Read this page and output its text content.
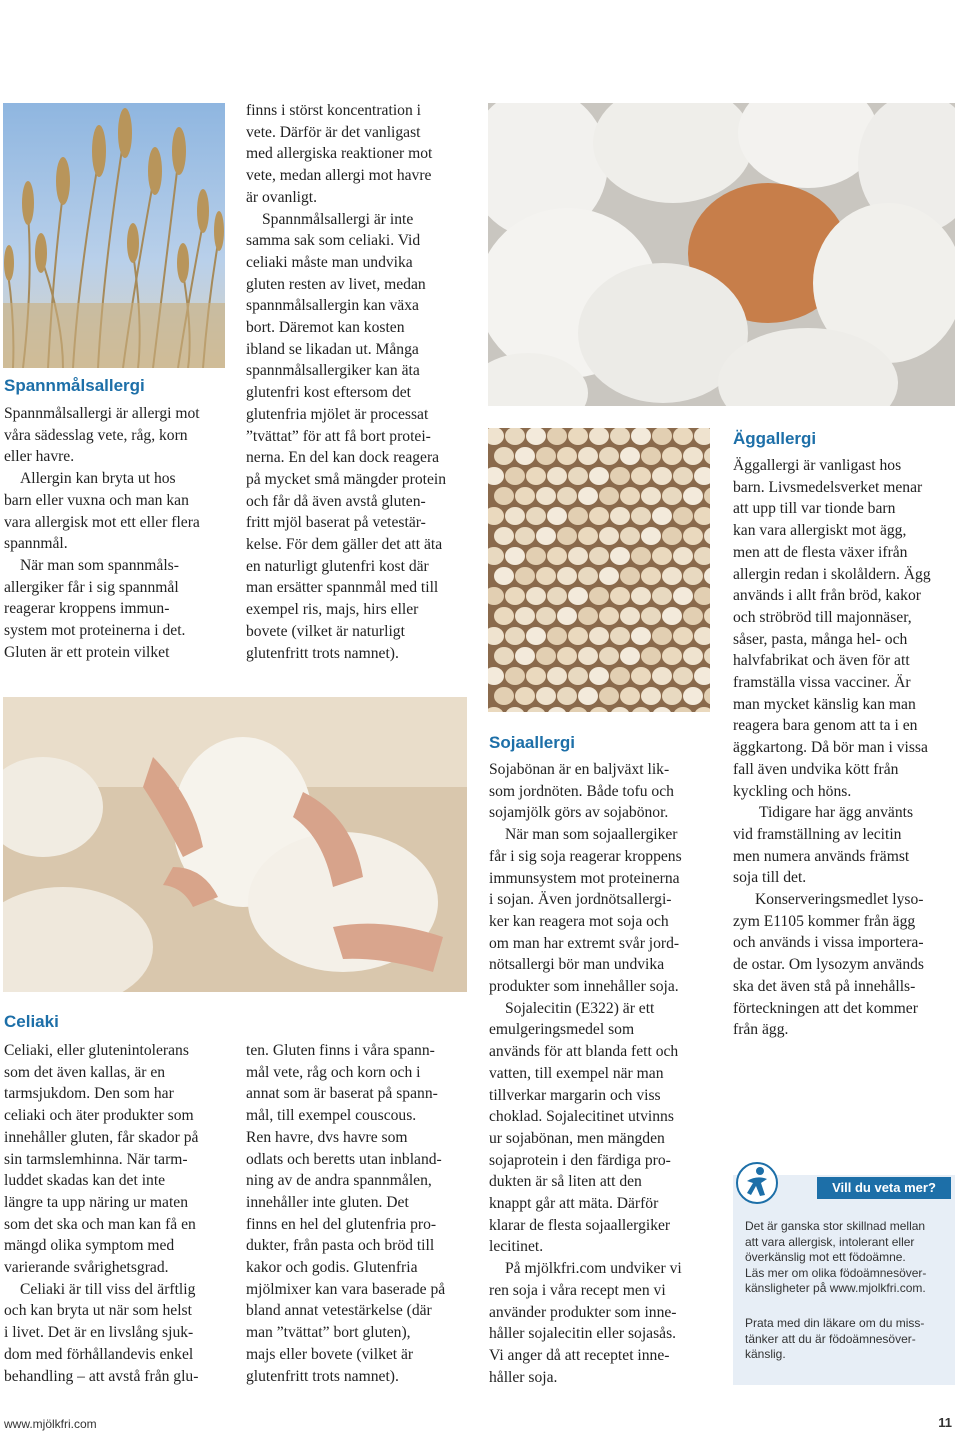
Spannmålsallergi

Spannmålsallergi är allergi mot

våra sädesslag vete, råg, korn

eller havre.

Allergin kan bryta ut hos

barn eller vuxna och man kan

vara allergisk mot ett eller flera

spannmål.

När man som spannmåls-

allergiker får i sig spannmål

reagerar kroppens immun-

system mot proteinerna i det.

Gluten är ett protein vilket

finns i störst koncentration i

vete. Därför är det vanligast

med allergiska reaktioner mot

vete, medan allergi mot havre

är ovanligt.

Spannmålsallergi är inte

samma sak som celiaki. Vid

celiaki måste man undvika

gluten resten av livet, medan

spannmålsallergin kan växa

bort. Däremot kan kosten

ibland se likadan ut. Många

spannmålsallergiker kan äta

glutenfri kost eftersom det

glutenfria mjölet är processat

”tvättat” för att få bort protei-

nerna. En del kan dock reagera

på mycket små mängder protein

och får då även avstå gluten-

fritt mjöl baserat på vetestär-

kelse. För dem gäller det att äta

en naturligt glutenfri kost där

man ersätter spannmål med till

exempel ris, majs, hirs eller

bovete (vilket är naturligt

glutenfritt trots namnet).

Celiaki

Celiaki, eller glutenintolerans

som det även kallas, är en

tarmsjukdom. Den som har

celiaki och äter produkter som

innehåller gluten, får skador på

sin tarmslemhinna. När tarm-

luddet skadas kan det inte

längre ta upp näring ur maten

som det ska och man kan få en

mängd olika symptom med

varierande svårighetsgrad.

Celiaki är till viss del ärftlig

och kan bryta ut när som helst

i livet. Det är en livslång sjuk-

dom med förhållandevis enkel

behandling – att avstå från glu-

ten. Gluten finns i våra spann-

mål vete, råg och korn och i

annat som är baserat på spann-

mål, till exempel couscous.

Ren havre, dvs havre som

odlats och beretts utan inbland-

ning av de andra spannmålen,

innehåller inte gluten. Det

finns en hel del glutenfria pro-

dukter, från pasta och bröd till

kakor och godis. Glutenfria

mjölmixer kan vara baserade på

bland annat vetestärkelse (där

man ”tvättat” bort gluten),

majs eller bovete (vilket är

glutenfritt trots namnet).

Sojaallergi

Sojabönan är en baljväxt lik-

som jordnöten. Både tofu och

sojamjölk görs av sojabönor.

När man som sojaallergiker

får i sig soja reagerar kroppens

immunsystem mot proteinerna

i sojan. Även jordnötsallergi-

ker kan reagera mot soja och

om man har extremt svår jord-

nötsallergi bör man undvika

produkter som innehåller soja.

Sojalecitin (E322) är ett

emulgeringsmedel som

används för att blanda fett och

vatten, till exempel när man

tillverkar margarin och viss

choklad. Sojalecitinet utvinns

ur sojabönan, men mängden

sojaprotein i den färdiga pro-

dukten är så liten att den

knappt går att mäta. Därför

klarar de flesta sojaallergiker

lecitinet.

På mjölkfri.com undviker vi

ren soja i våra recept men vi

använder produkter som inne-

håller sojalecitin eller sojasås.

Vi anger då att receptet inne-

håller soja.

Äggallergi

Äggallergi är vanligast hos

barn. Livsmedelsverket menar

att upp till var tionde barn

kan vara allergiskt mot ägg,

men att de flesta växer ifrån

allergin redan i skolåldern. Ägg

används i allt från bröd, kakor

och ströbröd till majonnäser,

såser, pasta, många hel- och

halvfabrikat och även för att

framställa vissa vacciner. Är

man mycket känslig kan man

reagera bara genom att ta i en

äggkartong. Då bör man i vissa

fall även undvika kött från

kyckling och höns.

Tidigare har ägg använts

vid framställning av lecitin

men numera används främst

soja till det.

Konserveringsmedlet lyso-

zym E1105 kommer från ägg

och används i vissa importera-

de ostar. Om lysozym används

ska det även stå på innehålls-

förteckningen att det kommer

från ägg.

Vill du veta mer?
Det är ganska stor skillnad mellan
att vara allergisk, intolerant eller
överkänslig mot ett födoämne.
Läs mer om olika födoämnesöver-
känsligheter på www.mjolkfri.com.
Prata med din läkare om du miss-
tänker att du är födoämnesöver-
känslig.
www.mjölkfri.com	11
